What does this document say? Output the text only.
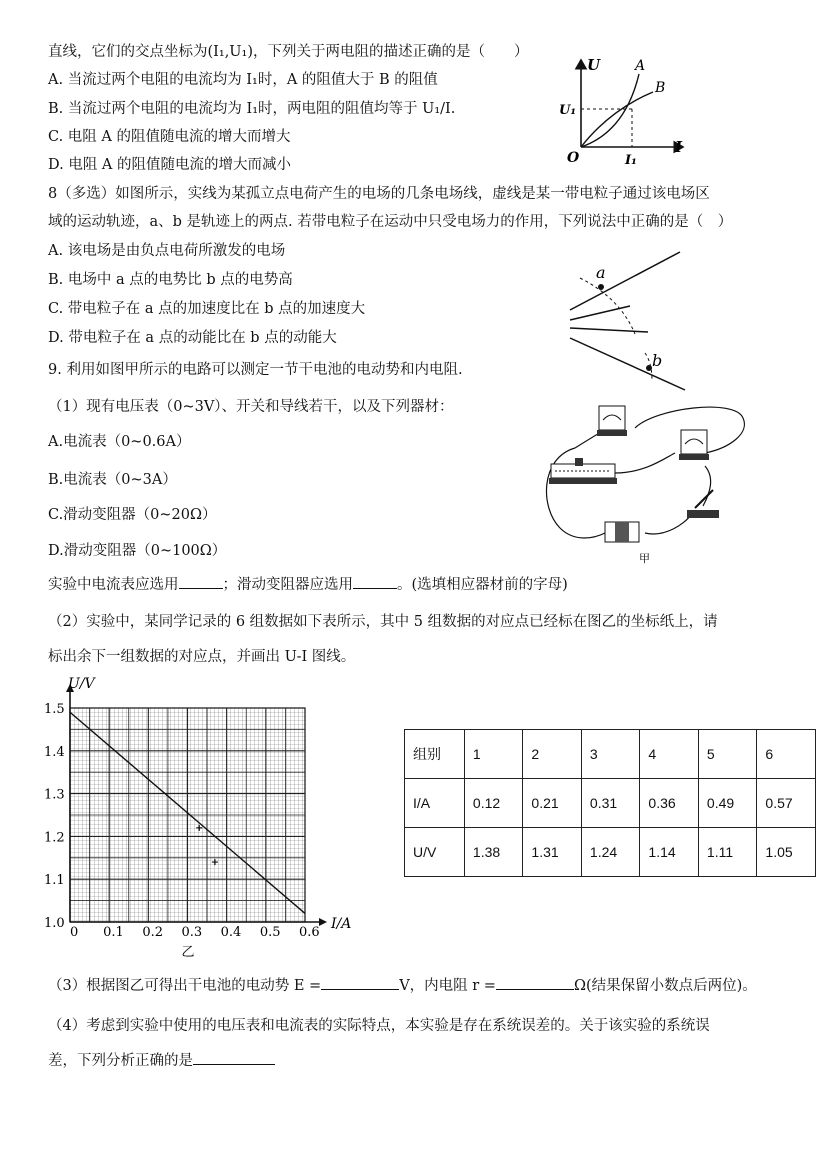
直线，它们的交点坐标为(I₁,U₁)，下列关于两电阻的描述正确的是（　　）
A. 当流过两个电阻的电流均为 I₁时，A 的阻值大于 B 的阻值
B. 当流过两个电阻的电流均为 I₁时，两电阻的阻值均等于 U₁/I.
C. 电阻 A 的阻值随电流的增大而增大
D. 电阻 A 的阻值随电流的增大而减小
U
I
O
A
B
U₁
I₁
8（多选）如图所示，实线为某孤立点电荷产生的电场的几条电场线，虚线是某一带电粒子通过该电场区
域的运动轨迹，a、b 是轨迹上的两点. 若带电粒子在运动中只受电场力的作用，下列说法中正确的是（　）
A. 该电场是由负点电荷所激发的电场
B. 电场中 a 点的电势比 b 点的电势高
C. 带电粒子在 a 点的加速度比在 b 点的加速度大
D. 带电粒子在 a 点的动能比在 b 点的动能大
a
b
9. 利用如图甲所示的电路可以测定一节干电池的电动势和内电阻.
（1）现有电压表（0~3V）、开关和导线若干，以及下列器材：
A.电流表（0~0.6A）
B.电流表（0~3A）
C.滑动变阻器（0~20Ω）
D.滑动变阻器（0~100Ω）	甲
实验中电流表应选用	；滑动变阻器应选用	。(选填相应器材前的字母)
（2）实验中，某同学记录的 6 组数据如下表所示，其中 5 组数据的对应点已经标在图乙的坐标纸上，请
标出余下一组数据的对应点，并画出 U-I 图线。
0 0.1 0.2 0.3 0.4 0.5 0.6
1.0
1.1
1.2
1.3
1.4
1.5
U/V
I/A
乙
组别	1	2	3	4	5	6
I/A	0.12	0.21	0.31	0.36	0.49	0.57
U/V	1.38	1.31	1.24	1.14	1.11	1.05
（3）根据图乙可得出干电池的电动势 E =	V，内电阻 r =	Ω(结果保留小数点后两位)。
（4）考虑到实验中使用的电压表和电流表的实际特点，本实验是存在系统误差的。关于该实验的系统误
差，下列分析正确的是
